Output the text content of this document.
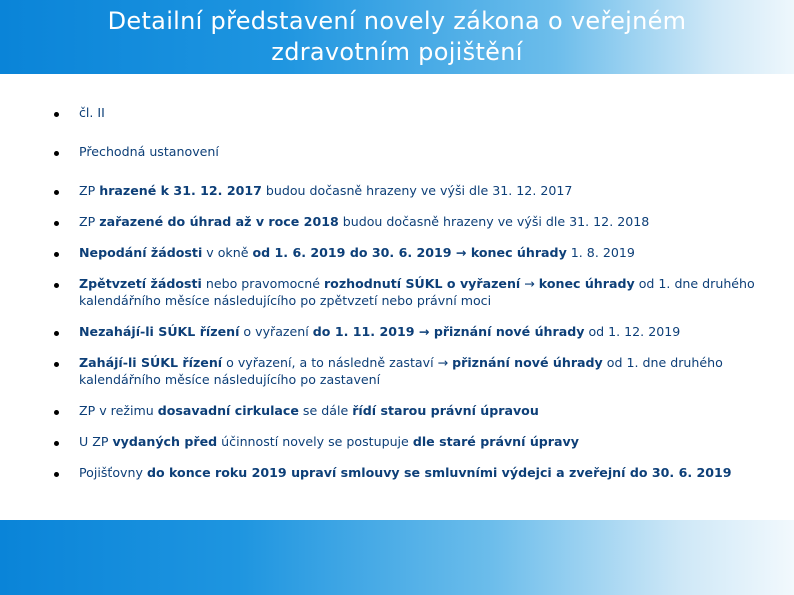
Detailní představení novely zákona o veřejném
zdravotním pojištění
čl. II
Přechodná ustanovení
ZP hrazené k 31. 12. 2017 budou dočasně hrazeny ve výši dle 31. 12. 2017
ZP zařazené do úhrad až v roce 2018 budou dočasně hrazeny ve výši dle 31. 12. 2018
Nepodání žádosti v okně od 1. 6. 2019 do 30. 6. 2019 → konec úhrady 1. 8. 2019
Zpětvzetí žádosti nebo pravomocné rozhodnutí SÚKL o vyřazení → konec úhrady od 1. dne druhého kalendářního měsíce následujícího po zpětvzetí nebo právní moci
Nezahájí-li SÚKL řízení o vyřazení do 1. 11. 2019 → přiznání nové úhrady od 1. 12. 2019
Zahájí-li SÚKL řízení o vyřazení, a to následně zastaví → přiznání nové úhrady od 1. dne druhého kalendářního měsíce následujícího po zastavení
ZP v režimu dosavadní cirkulace se dále řídí starou právní úpravou
U ZP vydaných před účinností novely se postupuje dle staré právní úpravy
Pojišťovny do konce roku 2019 upraví smlouvy se smluvními výdejci a zveřejní do 30. 6. 2019
